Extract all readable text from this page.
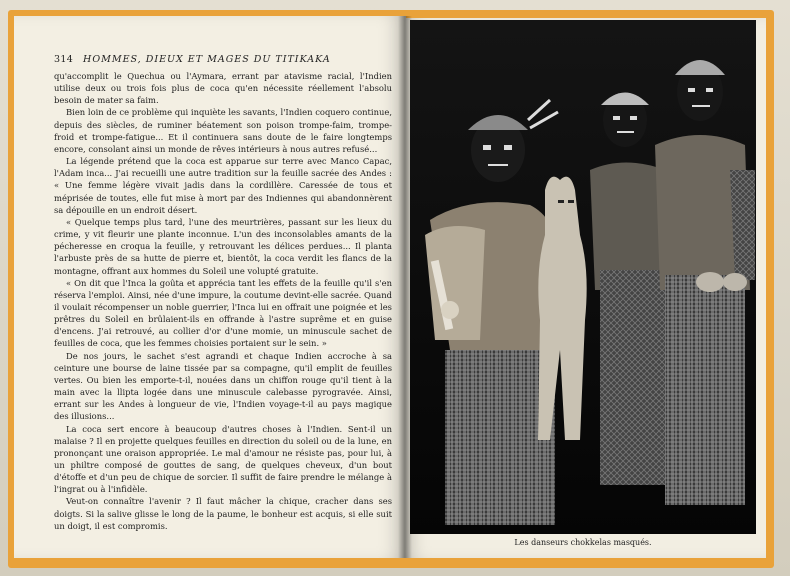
314 HOMMES, DIEUX ET MAGES DU TITIKAKA

qu'accomplit le Quechua ou l'Aymara, errant par atavisme racial, l'Indien utilise deux ou trois fois plus de coca qu'en nécessite réellement l'absolu besoin de mater sa faim.

Bien loin de ce problème qui inquiète les savants, l'Indien coquero continue, depuis des siècles, de ruminer béatement son poison trompe-faim, trompe-froid et trompe-fatigue... Et il continuera sans doute de le faire longtemps encore, consolant ainsi un monde de rêves intérieurs à nous autres refusé...

La légende prétend que la coca est apparue sur terre avec Manco Capac, l'Adam inca... J'ai recueilli une autre tradition sur la feuille sacrée des Andes : « Une femme légère vivait jadis dans la cordillère. Caressée de tous et méprisée de toutes, elle fut mise à mort par des Indiennes qui abandonnèrent sa dépouille en un endroit désert.

« Quelque temps plus tard, l'une des meurtrières, passant sur les lieux du crime, y vit fleurir une plante inconnue. L'un des inconsolables amants de la pécheresse en croqua la feuille, y retrouvant les délices perdues... Il planta l'arbuste près de sa hutte de pierre et, bientôt, la coca verdit les flancs de la montagne, offrant aux hommes du Soleil une volupté gratuite.

« On dit que l'Inca la goûta et apprécia tant les effets de la feuille qu'il s'en réserva l'emploi. Ainsi, née d'une impure, la coutume devint-elle sacrée. Quand il voulait récompenser un noble guerrier, l'Inca lui en offrait une poignée et les prêtres du Soleil en brûlaient-ils en offrande à l'astre suprême et en guise d'encens. J'ai retrouvé, au collier d'or d'une momie, un minuscule sachet de feuilles de coca, que les femmes choisies portaient sur le sein. »

De nos jours, le sachet s'est agrandi et chaque Indien accroche à sa ceinture une bourse de laine tissée par sa compagne, qu'il emplit de feuilles vertes. Ou bien les emporte-t-il, nouées dans un chiffon rouge qu'il tient à la main avec la llipta logée dans une minuscule calebasse pyrogravée. Ainsi, errant sur les Andes à longueur de vie, l'Indien voyage-t-il au pays magique des illusions...

La coca sert encore à beaucoup d'autres choses à l'Indien. Sent-il un malaise ? Il en projette quelques feuilles en direction du soleil ou de la lune, en prononçant une oraison appropriée. Le mal d'amour ne résiste pas, pour lui, à un philtre composé de gouttes de sang, de quelques cheveux, d'un bout d'étoffe et d'un peu de chique de sorcier. Il suffit de faire prendre le mélange à l'ingrat ou à l'infidèle.

Veut-on connaître l'avenir ? Il faut mâcher la chique, cracher dans ses doigts. Si la salive glisse le long de la paume, le bonheur est acquis, si elle suit un doigt, il est compromis.

Les danseurs chokkelas masqués.
